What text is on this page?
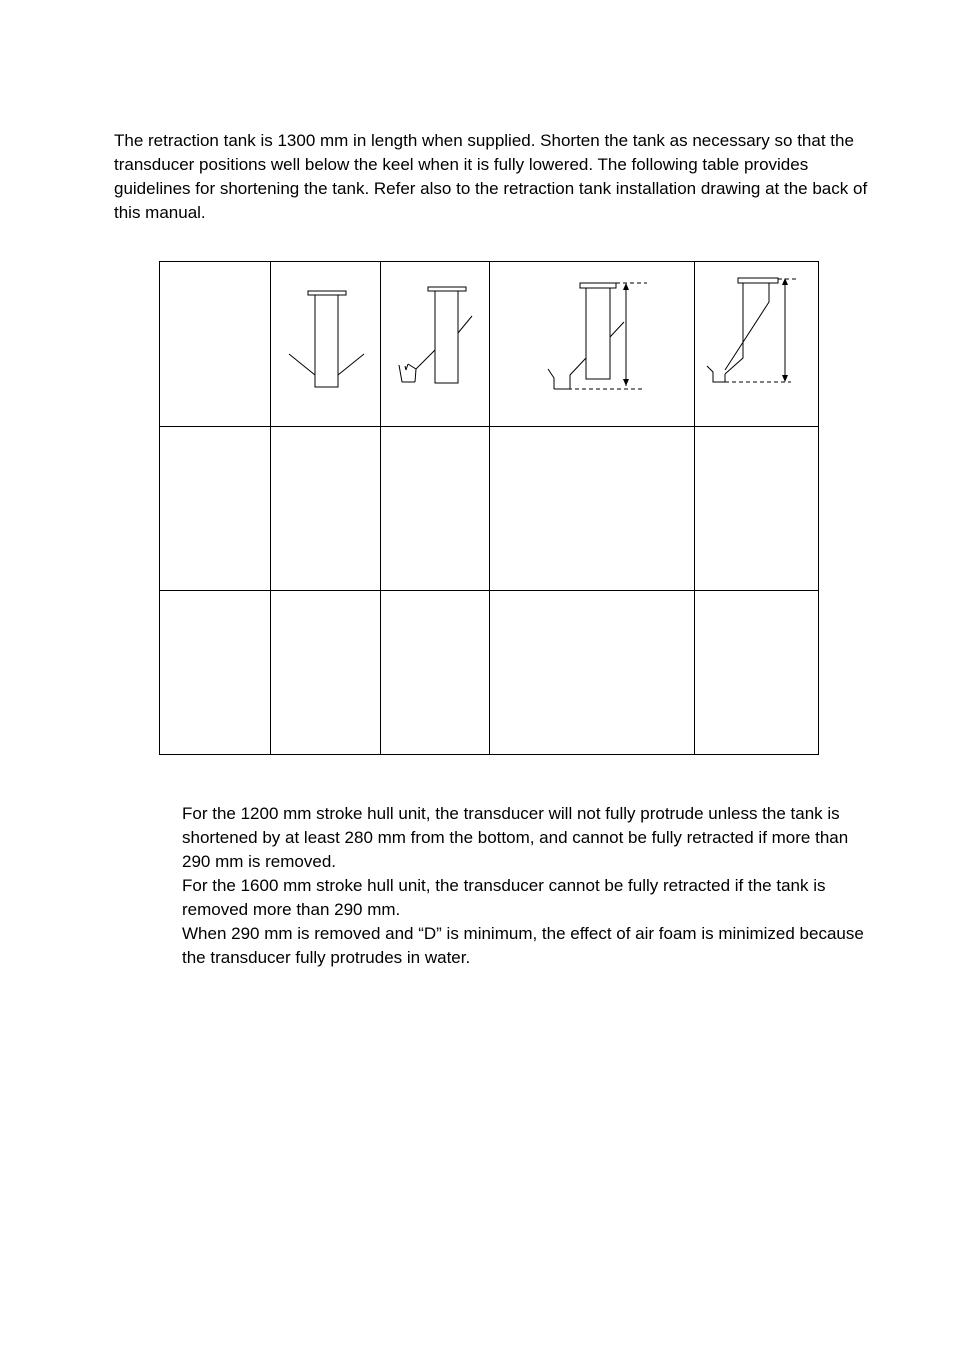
The retraction tank is 1300 mm in length when supplied. Shorten the tank as necessary so that the transducer positions well below the keel when it is fully lowered. The following table provides guidelines for shortening the tank. Refer also to the retraction tank installation drawing at the back of this manual.

For the 1200 mm stroke hull unit, the transducer will not fully protrude unless the tank is shortened by at least 280 mm from the bottom, and cannot be fully retracted if more than 290 mm is removed.

For the 1600 mm stroke hull unit, the transducer cannot be fully retracted if the tank is removed more than 290 mm.

When 290 mm is removed and “D” is minimum, the effect of air foam is minimized because the transducer fully protrudes in water.
